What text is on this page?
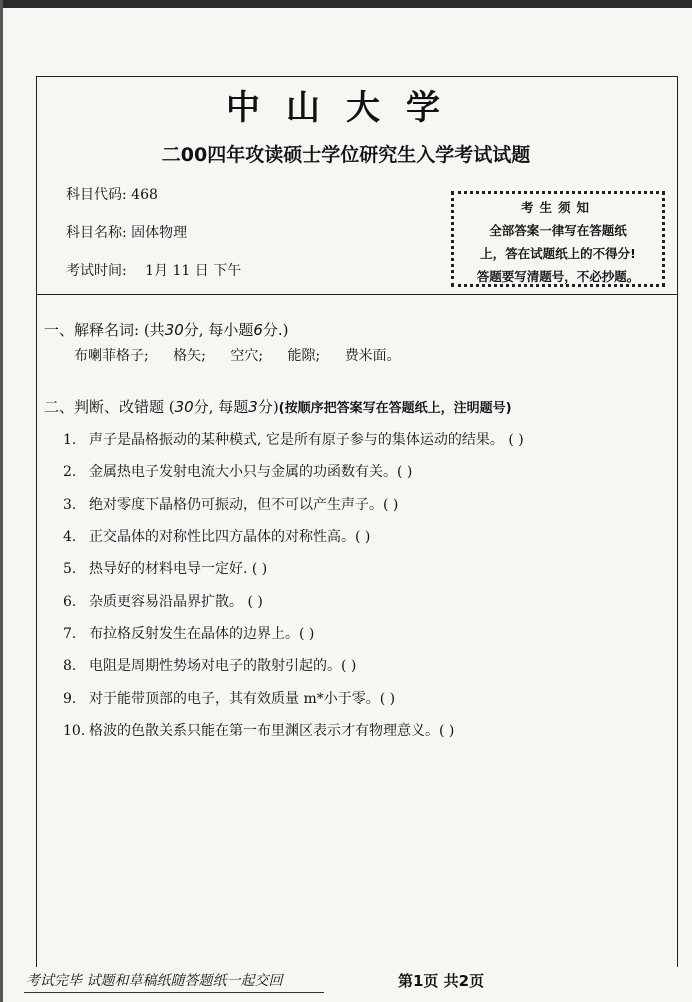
中山大学
二00四年攻读硕士学位研究生入学考试试题
科目代码: 468
科目名称: 固体物理
考试时间: 1月 11 日 下午
考生须知
全部答案一律写在答题纸
上，答在试题纸上的不得分!
答题要写清题号，不必抄题。
一、解释名词: (共30分, 每小题6分.)
布喇菲格子; 格矢; 空穴; 能隙; 费米面。
二、判断、改错题 (30分, 每题3分)(按顺序把答案写在答题纸上，注明题号)
1. 声子是晶格振动的某种模式, 它是所有原子参与的集体运动的结果。 ( )
2. 金属热电子发射电流大小只与金属的功函数有关。( )
3. 绝对零度下晶格仍可振动，但不可以产生声子。( )
4. 正交晶体的对称性比四方晶体的对称性高。( )
5. 热导好的材料电导一定好. ( )
6. 杂质更容易沿晶界扩散。 ( )
7. 布拉格反射发生在晶体的边界上。( )
8. 电阻是周期性势场对电子的散射引起的。( )
9. 对于能带顶部的电子，其有效质量 m*小于零。( )
10. 格波的色散关系只能在第一布里渊区表示才有物理意义。( )
考试完毕 试题和草稿纸随答题纸一起交回	第1页 共2页
